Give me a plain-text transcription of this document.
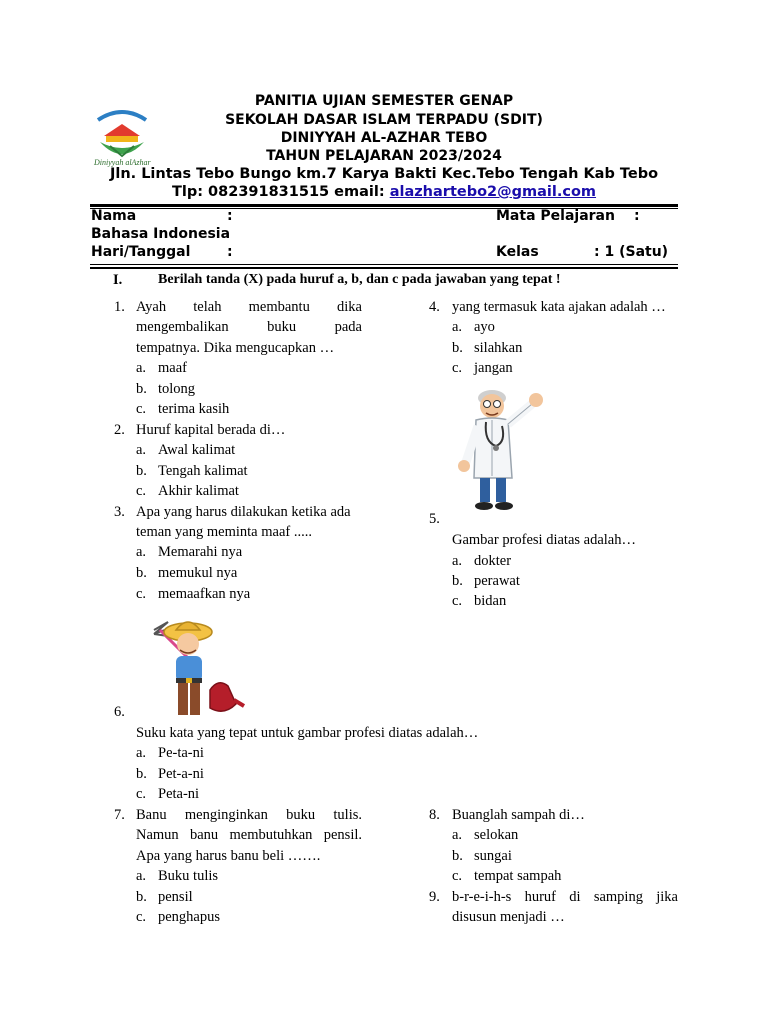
Diniyyah alAzhar
PANITIA UJIAN SEMESTER GENAP
SEKOLAH DASAR ISLAM TERPADU (SDIT)
DINIYYAH AL-AZHAR TEBO
TAHUN PELAJARAN 2023/2024
Jln. Lintas Tebo Bungo km.7 Karya Bakti Kec.Tebo Tengah Kab Tebo
Tlp: 082391831515 email: alazhartebo2@gmail.com
Nama	:	Mata Pelajaran :
Bahasa Indonesia
Hari/Tanggal	:	Kelas	: 1 (Satu)
I.	Berilah tanda (X) pada huruf a, b, dan c pada jawaban yang tepat !
1. Ayah telah membantu dika
mengembalikan buku pada
tempatnya. Dika mengucapkan …
a. maaf
b. tolong
c. terima kasih
2. Huruf kapital berada di…
a. Awal kalimat
b. Tengah kalimat
c. Akhir kalimat
3. Apa yang harus dilakukan ketika ada
teman yang meminta maaf .....
a. Memarahi nya
b. memukul nya
c. memaafkan nya
6.
Suku kata yang tepat untuk gambar profesi diatas adalah…
a. Pe-ta-ni
b. Pet-a-ni
c. Peta-ni
7. Banu menginginkan buku tulis.
Namun banu membutuhkan pensil.
Apa yang harus banu beli …….
a. Buku tulis
b. pensil
c. penghapus
4. yang termasuk kata ajakan adalah …
a. ayo
b. silahkan
c. jangan
5.
Gambar profesi diatas adalah…
a. dokter
b. perawat
c. bidan
8. Buanglah sampah di…
a. selokan
b. sungai
c. tempat sampah
9. b-r-e-i-h-s huruf di samping jika
disusun menjadi …
